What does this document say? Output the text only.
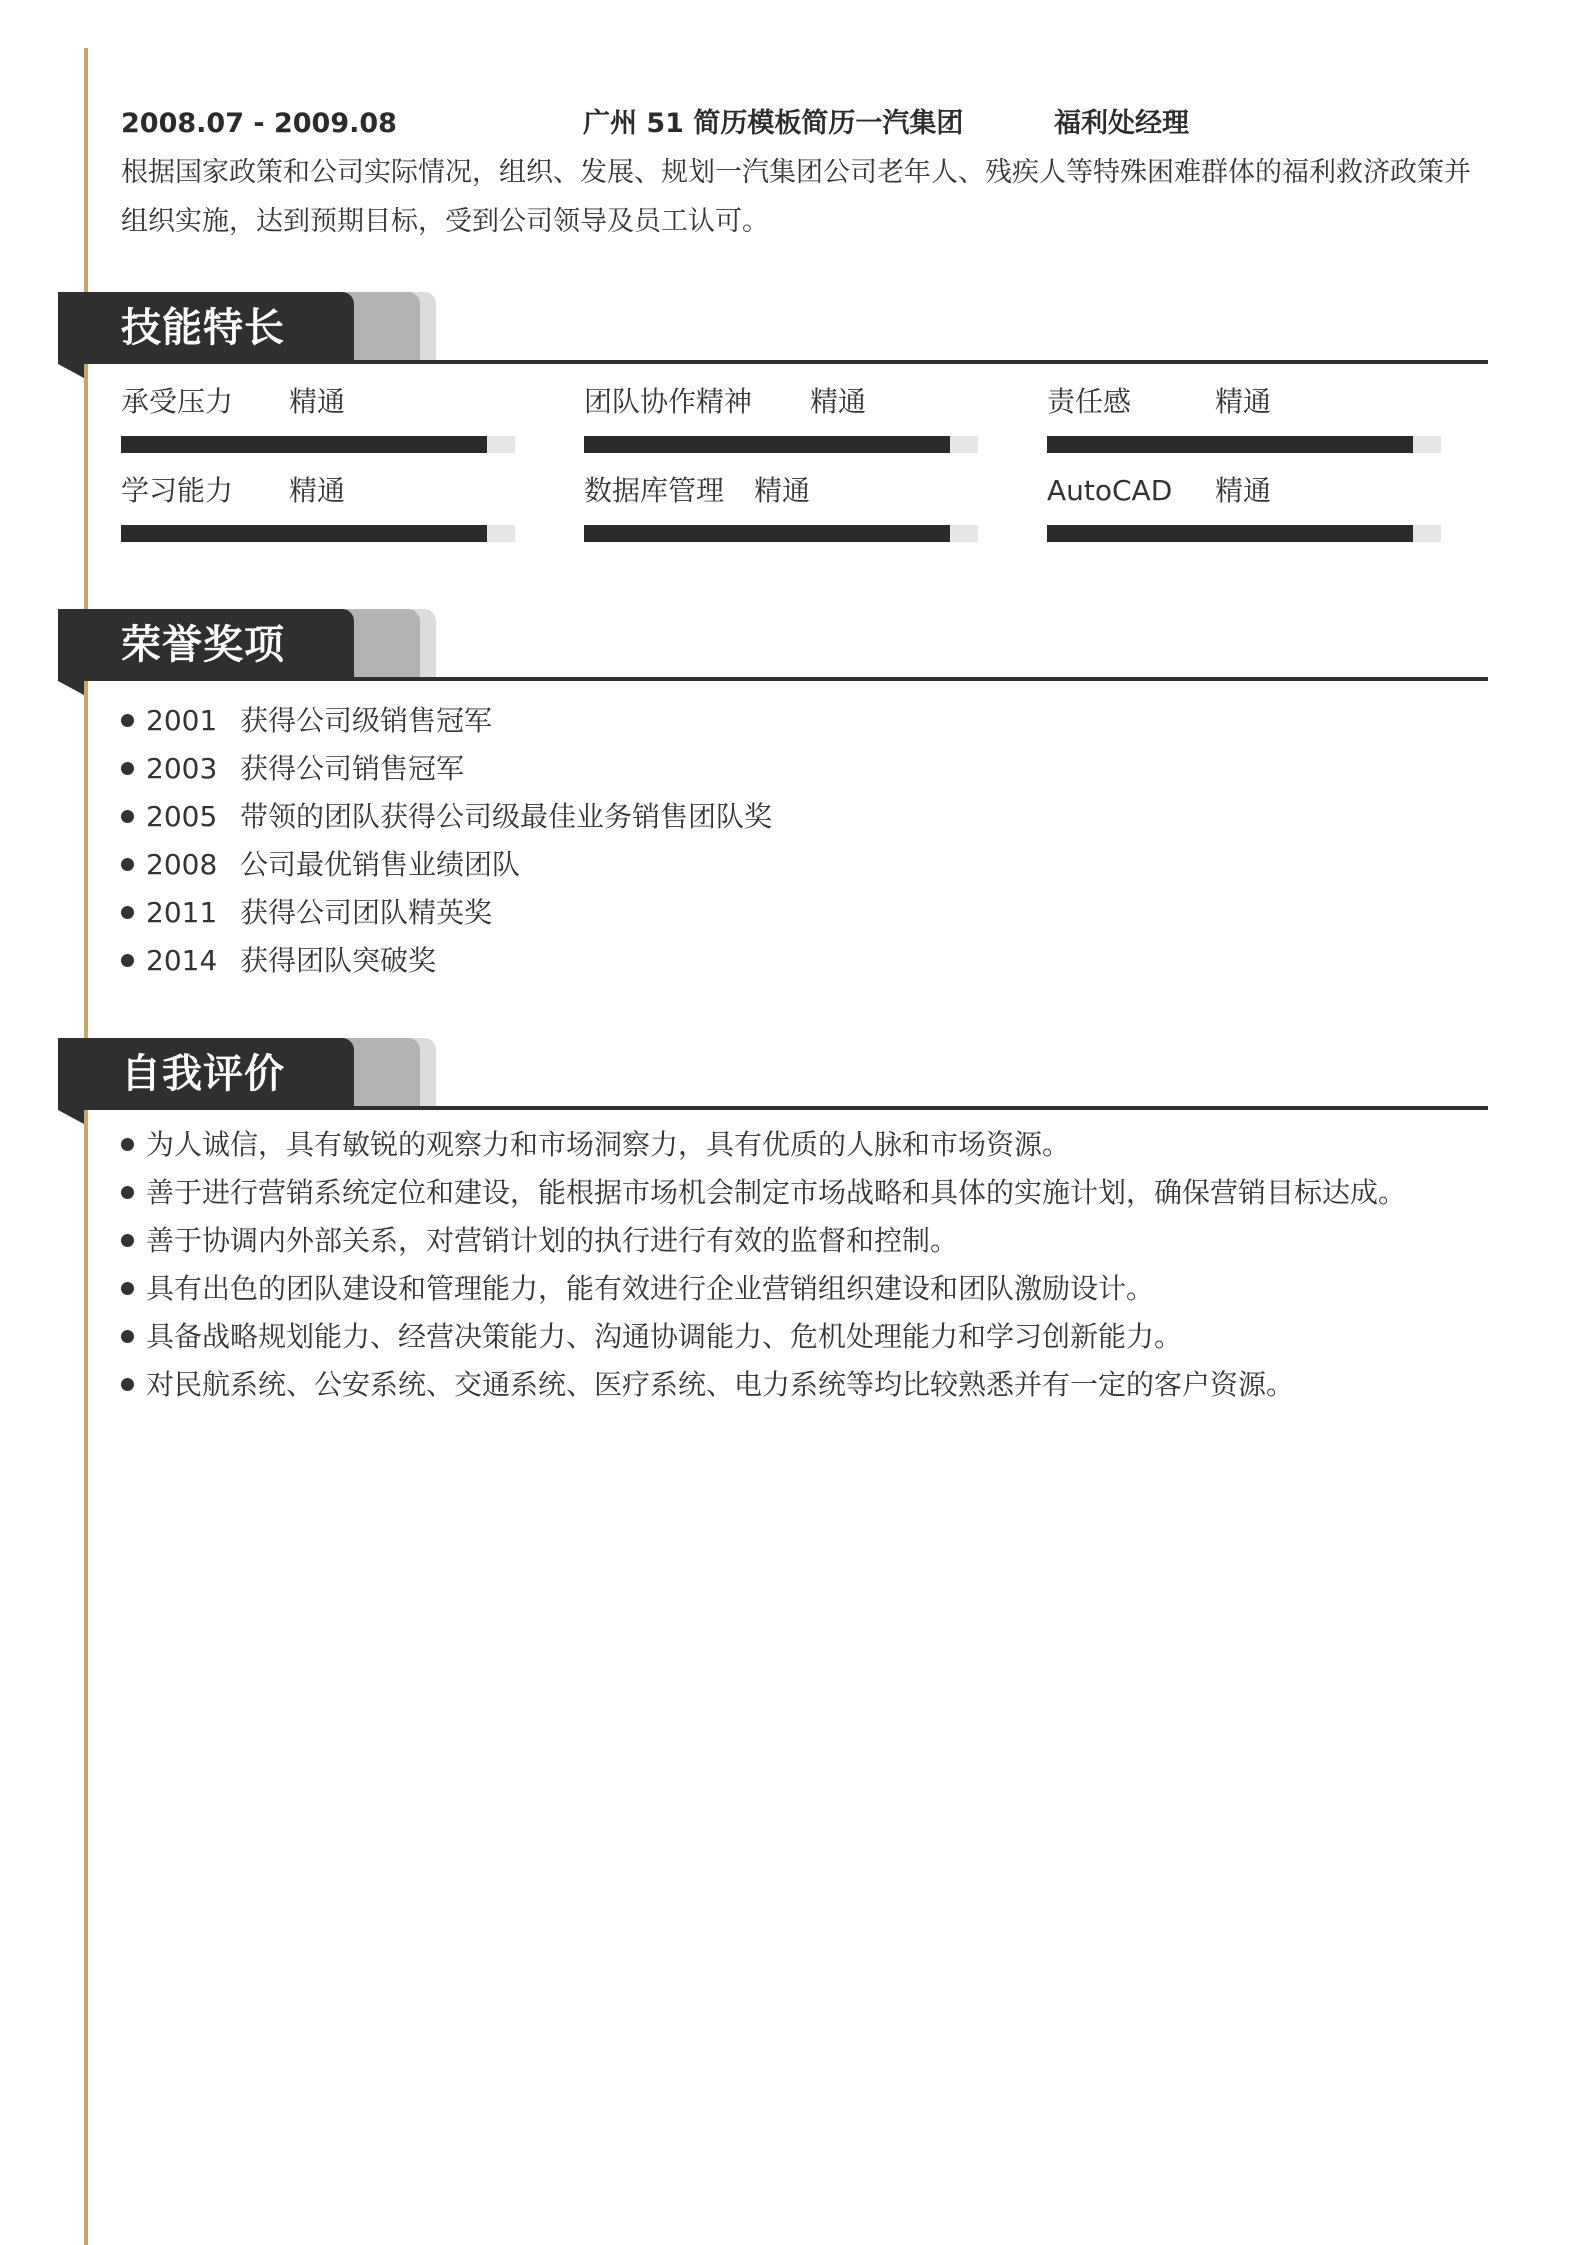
2008.07 - 2009.08	广州 51 简历模板简历一汽集团	福利处经理
根据国家政策和公司实际情况，组织、发展、规划一汽集团公司老年人、残疾人等特殊困难群体的福利救济政策并组织实施，达到预期目标，受到公司领导及员工认可。
技能特长
承受压力 精通	团队协作精神 精通	责任感	精通
学习能力 精通	数据库管理 精通	AutoCAD 精通
荣誉奖项
2001 获得公司级销售冠军
2003 获得公司销售冠军
2005 带领的团队获得公司级最佳业务销售团队奖
2008 公司最优销售业绩团队
2011 获得公司团队精英奖
2014 获得团队突破奖
自我评价
为人诚信，具有敏锐的观察力和市场洞察力，具有优质的人脉和市场资源。
善于进行营销系统定位和建设，能根据市场机会制定市场战略和具体的实施计划，确保营销目标达成。
善于协调内外部关系，对营销计划的执行进行有效的监督和控制。
具有出色的团队建设和管理能力，能有效进行企业营销组织建设和团队激励设计。
具备战略规划能力、经营决策能力、沟通协调能力、危机处理能力和学习创新能力。
对民航系统、公安系统、交通系统、医疗系统、电力系统等均比较熟悉并有一定的客户资源。
